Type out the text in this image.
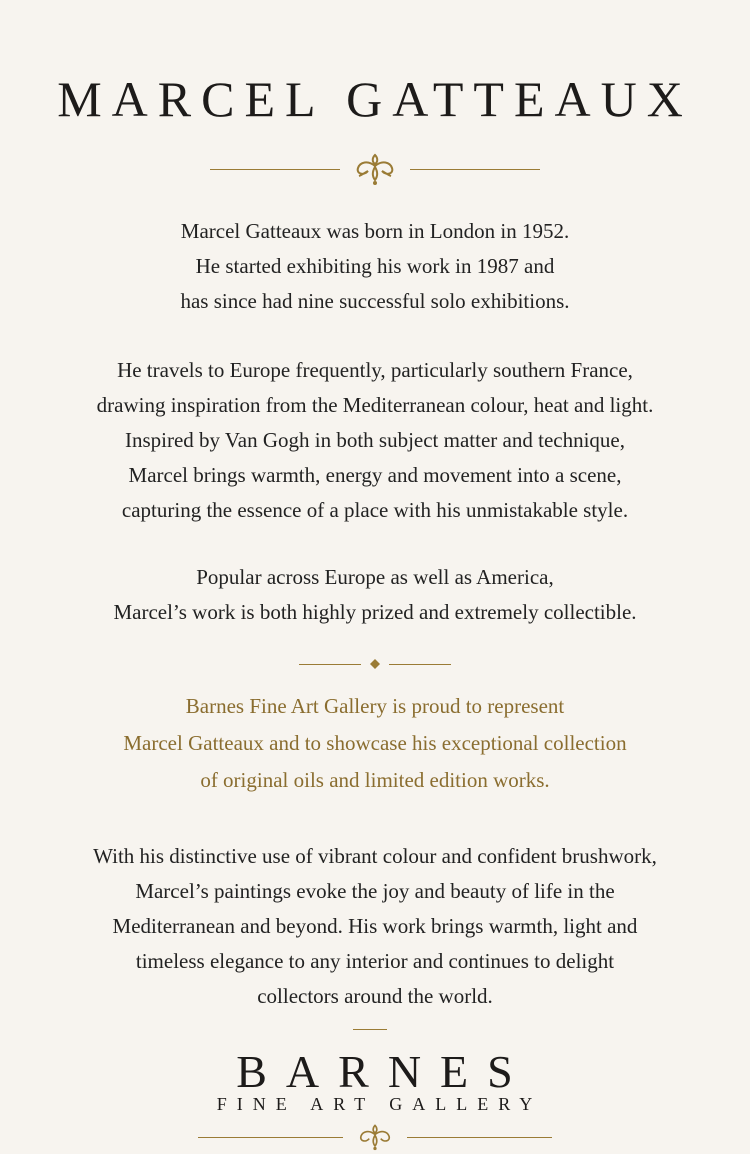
MARCEL GATTEAUX
Marcel Gatteaux was born in London in 1952.
He started exhibiting his work in 1987 and
has since had nine successful solo exhibitions.
He travels to Europe frequently, particularly southern France,
drawing inspiration from the Mediterranean colour, heat and light.
Inspired by Van Gogh in both subject matter and technique,
Marcel brings warmth, energy and movement into a scene,
capturing the essence of a place with his unmistakable style.
Popular across Europe as well as America,
Marcel’s work is both highly prized and extremely collectible.
Barnes Fine Art Gallery is proud to represent
Marcel Gatteaux and to showcase his exceptional collection
of original oils and limited edition works.
With his distinctive use of vibrant colour and confident brushwork,
Marcel’s paintings evoke the joy and beauty of life in the
Mediterranean and beyond. His work brings warmth, light and
timeless elegance to any interior and continues to delight
collectors around the world.
BARNES
FINE ART GALLERY
